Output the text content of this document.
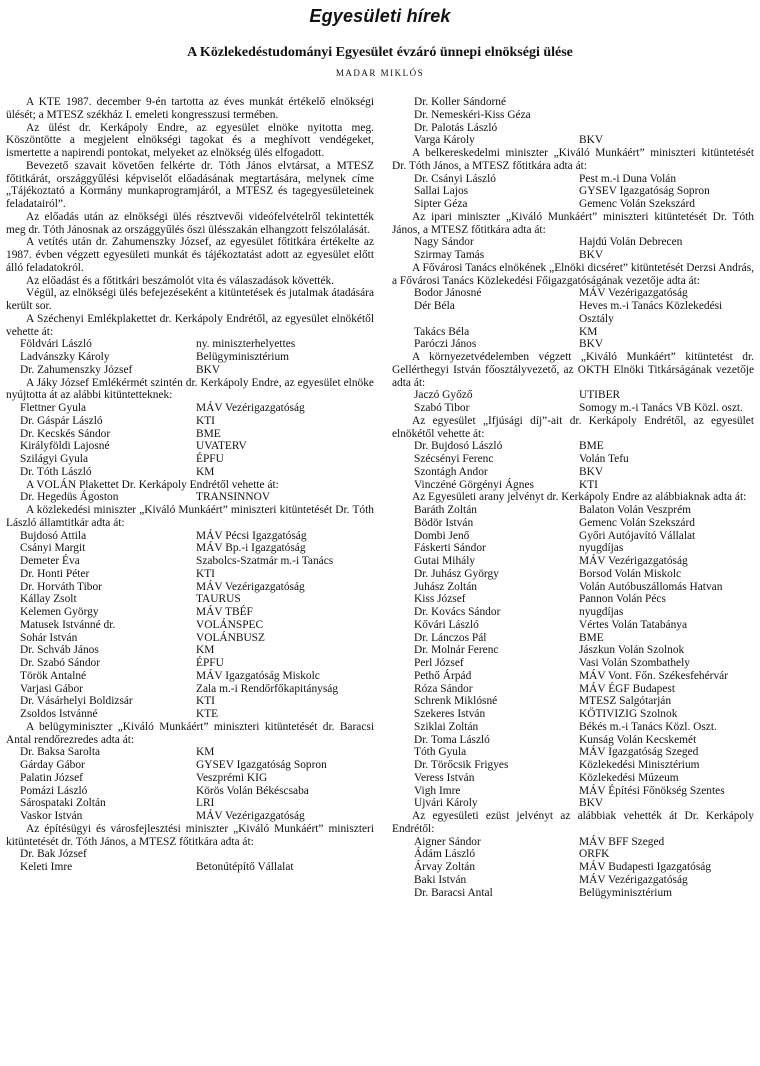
Egyesületi hírek
A Közlekedéstudományi Egyesület évzáró ünnepi elnökségi ülése
MADAR MIKLÓS

A KTE 1987. december 9-én tartotta az éves munkát értékelő elnökségi ülését; a MTESZ székház I. emeleti kongresszusi termében.

Az ülést dr. Kerkápoly Endre, az egyesület elnöke nyitotta meg. Köszöntötte a megjelent elnökségi tagokat és a meghívott vendégeket, ismertette a napirendi pontokat, melyeket az elnökség ülés elfogadott.

Bevezető szavait követően felkérte dr. Tóth János elvtársat, a MTESZ főtitkárát, országgyűlési képviselőt előadásának megtartására, melynek címe „Tájékoztató a Kormány munkaprogramjáról, a MTESZ és tagegyesületeinek feladatairól”.

Az előadás után az elnökségi ülés résztvevői videófelvételről tekintették meg dr. Tóth Jánosnak az országgyűlés őszi ülésszakán elhangzott felszólalását.

A vetítés után dr. Zahumenszky József, az egyesület főtitkára értékelte az 1987. évben végzett egyesületi munkát és tájékoztatást adott az egyesület előtt álló feladatokról.

Az előadást és a főtitkári beszámolót vita és válaszadások követték.

Végül, az elnökségi ülés befejezéseként a kitüntetések és jutalmak átadására került sor.

A Széchenyi Emlékplakettet dr. Kerkápoly Endrétől, az egyesület elnökétől vehette át:

Földvári László	ny. miniszterhelyettes
Ladvánszky Károly	Belügyminisztérium
Dr. Zahumenszky József	BKV

A Jáky József Emlékérmét szintén dr. Kerkápoly Endre, az egyesület elnöke nyújtotta át az alábbi kitüntetteknek:

Flettner Gyula	MÁV Vezérigazgatóság
Dr. Gáspár László	KTI
Dr. Kecskés Sándor	BME
Királyföldi Lajosné	UVATERV
Szilágyi Gyula	ÉPFU
Dr. Tóth László	KM

A VOLÁN Plakettet Dr. Kerkápoly Endrétől vehette át:

Dr. Hegedüs Ágoston	TRANSINNOV

A közlekedési miniszter „Kiváló Munkáért” miniszteri kitüntetését Dr. Tóth László államtitkár adta át:

Bujdosó Attila	MÁV Pécsi Igazgatóság
Csányi Margit	MÁV Bp.-i Igazgatóság
Demeter Éva	Szabolcs-Szatmár m.-i Tanács
Dr. Honti Péter	KTI
Dr. Horváth Tibor	MÁV Vezérigazgatóság
Kállay Zsolt	TAURUS
Kelemen György	MÁV TBÉF
Matusek Istvánné dr.	VOLÁNSPEC
Sohár István	VOLÁNBUSZ
Dr. Schváb János	KM
Dr. Szabó Sándor	ÉPFU
Török Antalné	MÁV Igazgatóság Miskolc
Varjasi Gábor	Zala m.-i Rendőrfőkapitányság
Dr. Vásárhelyi Boldizsár	KTI
Zsoldos Istvánné	KTE

A belügyminiszter „Kiváló Munkáért” miniszteri kitüntetését dr. Baracsi Antal rendőrezredes adta át:

Dr. Baksa Sarolta	KM
Gárday Gábor	GYSEV Igazgatóság Sopron
Palatin József	Veszprémi KIG
Pomázi László	Körös Volán Békéscsaba
Sárospataki Zoltán	LRI
Vaskor István	MÁV Vezérigazgatóság

Az építésügyi és városfejlesztési miniszter „Kiváló Munkáért” miniszteri kitüntetését dr. Tóth János, a MTESZ főtitkára adta át:

Dr. Bak József
Keleti Imre	Betonútépítő Vállalat
Dr. Koller Sándorné
Dr. Nemeskéri-Kiss Géza
Dr. Palotás László
Varga Károly	BKV

A belkereskedelmi miniszter „Kiváló Munkáért” miniszteri kitüntetését Dr. Tóth János, a MTESZ főtitkára adta át:

Dr. Csányi László	Pest m.-i Duna Volán
Sallai Lajos	GYSEV Igazgatóság Sopron
Sipter Géza	Gemenc Volán Szekszárd

Az ipari miniszter „Kiváló Munkáért” miniszteri kitüntetését Dr. Tóth János, a MTESZ főtitkára adta át:

Nagy Sándor	Hajdú Volán Debrecen
Szirmay Tamás	BKV

A Fővárosi Tanács elnökének „Elnöki dicséret” kitüntetését Derzsi András, a Fővárosi Tanács Közlekedési Főigazgatóságának vezetője adta át:

Bodor Jánosné	MÁV Vezérigazgatóság
Dér Béla	Heves m.-i Tanács Közlekedési Osztály
Takács Béla	KM
Paróczi János	BKV

A környezetvédelemben végzett „Kiváló Munkáért” kitüntetést dr. Gellérthegyi István főosztályvezető, az OKTH Elnöki Titkárságának vezetője adta át:

Jaczó Győző	UTIBER
Szabó Tibor	Somogy m.-i Tanács VB Közl. oszt.

Az egyesület „Ifjúsági díj”-ait dr. Kerkápoly Endrétől, az egyesület elnökétől vehette át:

Dr. Bujdosó László	BME
Szécsényi Ferenc	Volán Tefu
Szontágh Andor	BKV
Vinczéné Görgényi Ágnes	KTI

Az Egyesületi arany jelvényt dr. Kerkápoly Endre az alábbiaknak adta át:

Baráth Zoltán	Balaton Volán Veszprém
Bödör István	Gemenc Volán Szekszárd
Dombi Jenő	Győri Autójavító Vállalat
Fáskerti Sándor	nyugdíjas
Gutai Mihály	MÁV Vezérigazgatóság
Dr. Juhász György	Borsod Volán Miskolc
Juhász Zoltán	Volán Autóbuszállomás Hatvan
Kiss József	Pannon Volán Pécs
Dr. Kovács Sándor	nyugdíjas
Kővári László	Vértes Volán Tatabánya
Dr. Lánczos Pál	BME
Dr. Molnár Ferenc	Jászkun Volán Szolnok
Perl József	Vasi Volán Szombathely
Pethő Árpád	MÁV Vont. Főn. Székesfehérvár
Róza Sándor	MÁV ÉGF Budapest
Schrenk Miklósné	MTESZ Salgótarján
Szekeres István	KÖTIVIZIG Szolnok
Sziklai Zoltán	Békés m.-i Tanács Közl. Oszt.
Dr. Toma László	Kunság Volán Kecskemét
Tóth Gyula	MÁV Igazgatóság Szeged
Dr. Törőcsik Frigyes	Közlekedési Minisztérium
Veress István	Közlekedési Múzeum
Vigh Imre	MÁV Építési Főnökség Szentes
Ujvári Károly	BKV

Az egyesületi ezüst jelvényt az alábbiak vehették át Dr. Kerkápoly Endrétől:

Aigner Sándor	MÁV BFF Szeged
Ádám László	ORFK
Árvay Zoltán	MÁV Budapesti Igazgatóság
Baki István	MÁV Vezérigazgatóság
Dr. Baracsi Antal	Belügyminisztérium
